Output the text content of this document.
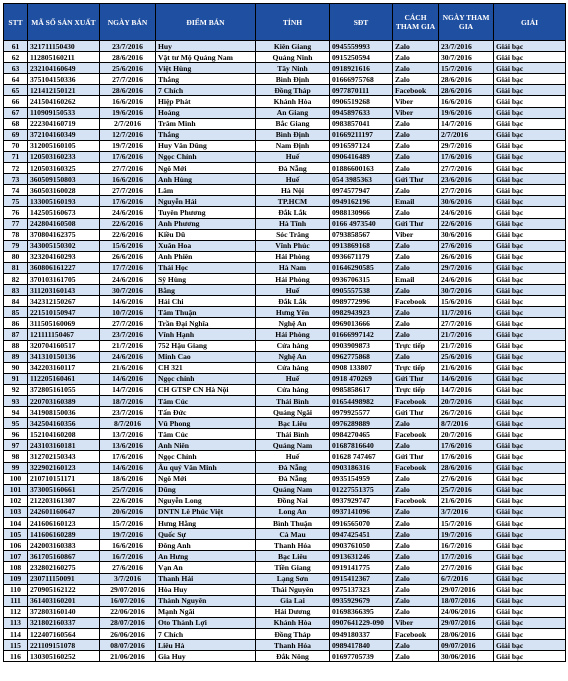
STT	MÃ SỐ SẢN XUẤT	NGÀY BÁN	ĐIỂM BÁN	TỈNH	SĐT	CÁCH THAM GIA	NGÀY THAM GIA	GIẢI
61	321711150430	23/7/2016	Huy	Kiên Giang	0945559993	Zalo	23/7/2016	Giải bạc
62	112805160211	28/6/2016	Vật tư Mộ Quảng Nam	Quảng Ninh	0915250594	Zalo	30/7/2016	Giải bạc
63	232104160649	25/6/2016	Việt Hùng	Tây Ninh	0918921616	Zalo	15/7/2016	Giải bạc
64	375104150336	27/7/2016	Thắng	Bình Định	01666975768	Zalo	28/6/2016	Giải bạc
65	121412150121	28/6/2016	7 Chích	Đồng Tháp	0977870111	Facebook	28/6/2016	Giải bạc
66	241504160262	16/6/2016	Hiệp Phát	Khánh Hòa	0906519268	Viber	16/6/2016	Giải bạc
67	110909150533	19/6/2016	Hoàng	An Giang	0945897633	Viber	19/6/2016	Giải bạc
68	222304160719	2/7/2016	Trâm Minh	Bắc Giang	0983857041	Zalo	14/7/2016	Giải bạc
69	372104160349	12/7/2016	Thắng	Bình Định	01669211197	Zalo	2/7/2016	Giải bạc
70	312005160105	19/7/2016	Huy Văn Dũng	Nam Định	0916597124	Zalo	29/7/2016	Giải bạc
71	120503160233	17/6/2016	Ngọc Chính	Huế	0906416489	Zalo	17/6/2016	Giải bạc
72	120503160325	27/7/2016	Ngô Mới	Đà Nẵng	01886600163	Zalo	27/7/2016	Giải bạc
73	360509150803	16/6/2016	Anh Hùng	Huế	054 3985363	Gửi Thư	23/6/2016	Giải bạc
74	360503160028	27/7/2016	Lâm	Hà Nội	0974577947	Zalo	27/7/2016	Giải bạc
75	133005160193	17/6/2016	Nguyễn Hải	TP.HCM	0949162196	Email	30/6/2016	Giải bạc
76	142505160673	24/6/2016	Tuyên Phương	Đắk Lắk	0988130966	Zalo	24/6/2016	Giải bạc
77	242804160508	22/6/2016	Anh Phương	Hà Tĩnh	0166 4973540	Gửi Thư	22/6/2016	Giải bạc
78	370804162375	22/6/2016	Kiều Dũ	Sóc Trăng	0793858567	Viber	30/6/2016	Giải bạc
79	343005150302	15/6/2016	Xuân Hoa	Vĩnh Phúc	0913869168	Zalo	27/6/2016	Giải bạc
80	323204160293	26/6/2016	Anh Phiên	Hải Phòng	0936671179	Zalo	26/6/2016	Giải bạc
81	360806161227	17/7/2016	Thái Học	Hà Nam	01646290585	Zalo	29/7/2016	Giải bạc
82	370103161705	24/6/2016	Sỹ Hùng	Hải Phòng	0936706315	Email	24/6/2016	Giải bạc
83	311203160143	30/7/2016	Bằng	Huế	0905557538	Zalo	30/7/2016	Giải bạc
84	342312150267	14/6/2016	Hải Chi	Đắk Lắk	0989772996	Facebook	15/6/2016	Giải bạc
85	221510150947	10/7/2016	Tâm Thuận	Hưng Yên	0982943923	Zalo	11/7/2016	Giải bạc
86	311505160069	27/7/2016	Trần Đại Nghĩa	Nghệ An	0969013666	Zalo	27/7/2016	Giải bạc
87	121111150467	23/7/2016	Vĩnh Hạnh	Hải Phòng	01666997142	Zalo	21/7/2016	Giải bạc
88	320704160517	21/7/2016	752 Hậu Giang	Cửa hàng	0903909873	Trực tiếp	21/7/2016	Giải bạc
89	341310150136	24/6/2016	Minh Cao	Nghệ An	0962775868	Zalo	25/6/2016	Giải bạc
90	342203160117	21/6/2016	CH 321	Cửa hàng	0908 133807	Trực tiếp	21/6/2016	Giải bạc
91	112205160461	14/6/2016	Ngọc chính	Huế	0918 470269	Gửi Thư	14/6/2016	Giải bạc
92	372805161055	14/7/2016	CH GTSP CN Hà Nội	Cửa hàng	0985858617	Trực tiếp	14/7/2016	Giải bạc
93	220703160389	18/7/2016	Tâm Cúc	Thái Bình	01654498982	Facebook	20/7/2016	Giải bạc
94	341908150036	23/7/2016	Tấn Đức	Quảng Ngãi	0979925577	Gửi Thư	26/7/2016	Giải bạc
95	342504160356	8/7/2016	Vũ Phong	Bạc Liêu	0976289889	Zalo	8/7/2016	Giải bạc
96	152104160208	13/7/2016	Tâm Cúc	Thái Bình	0984270465	Facebook	20/7/2016	Giải bạc
97	243103160181	13/6/2016	Anh Niên	Quảng Nam	01687816640	Zalo	17/6/2016	Giải bạc
98	312702150343	17/6/2016	Ngọc Chính	Huế	01628 747467	Gửi Thư	17/6/2016	Giải bạc
99	322902160123	14/6/2016	Âu quý Văn Minh	Đà Nẵng	0903186316	Facebook	28/6/2016	Giải bạc
100	210710151171	18/6/2016	Ngô Mới	Đà Nẵng	0935154959	Zalo	27/6/2016	Giải bạc
101	373005160661	25/7/2016	Dũng	Quảng Nam	01227551375	Zalo	25/7/2016	Giải bạc
102	212203161307	22/6/2016	Nguyễn Long	Đồng Nai	0937929747	Facebook	21/6/2016	Giải bạc
103	242601160647	20/6/2016	DNTN Lê Phúc Việt	Long An	0937141096	Zalo	3/7/2016	Giải bạc
104	241606160123	15/7/2016	Hưng Hằng	Bình Thuận	0916565070	Zalo	15/7/2016	Giải bạc
105	141606160289	19/7/2016	Quốc Sự	Cà Mau	0947425451	Zalo	19/7/2016	Giải bạc
106	242003160383	16/6/2016	Đông Anh	Thanh Hóa	0903761050	Zalo	16/7/2016	Giải bạc
107	361705160867	16/7/2016	An Hưng	Bạc Liêu	0913631246	Zalo	17/7/2016	Giải bạc
108	232802160275	27/6/2016	Vạn An	Tiền Giang	0919141775	Zalo	27/7/2016	Giải bạc
109	230711150091	3/7/2016	Thanh Hải	Lạng Sơn	0915412367	Zalo	6/7/2016	Giải bạc
110	270905162122	29/07/2016	Hòa Huy	Thái Nguyên	0975137323	Zalo	29/07/2016	Giải bạc
111	361403160201	16/07/2016	Thành Nguyên	Gia Lai	0935929679	Zalo	18/07/2016	Giải bạc
112	372803160140	22/06/2016	Mạnh Ngãi	Hải Dương	01698366395	Zalo	24/06/2016	Giải bạc
113	321802160337	28/07/2016	Oto Thành Lợi	Khánh Hòa	0907641229-090	Viber	29/07/2016	Giải bạc
114	122407160564	26/06/2016	7 Chích	Đồng Tháp	0949180337	Facebook	28/06/2016	Giải bạc
115	221109151078	08/07/2016	Liêu Hà	Thanh Hóa	0989417840	Zalo	09/07/2016	Giải bạc
116	130305160252	21/06/2016	Gia Huy	Đắk Nông	01697705739	Zalo	30/06/2016	Giải bạc
